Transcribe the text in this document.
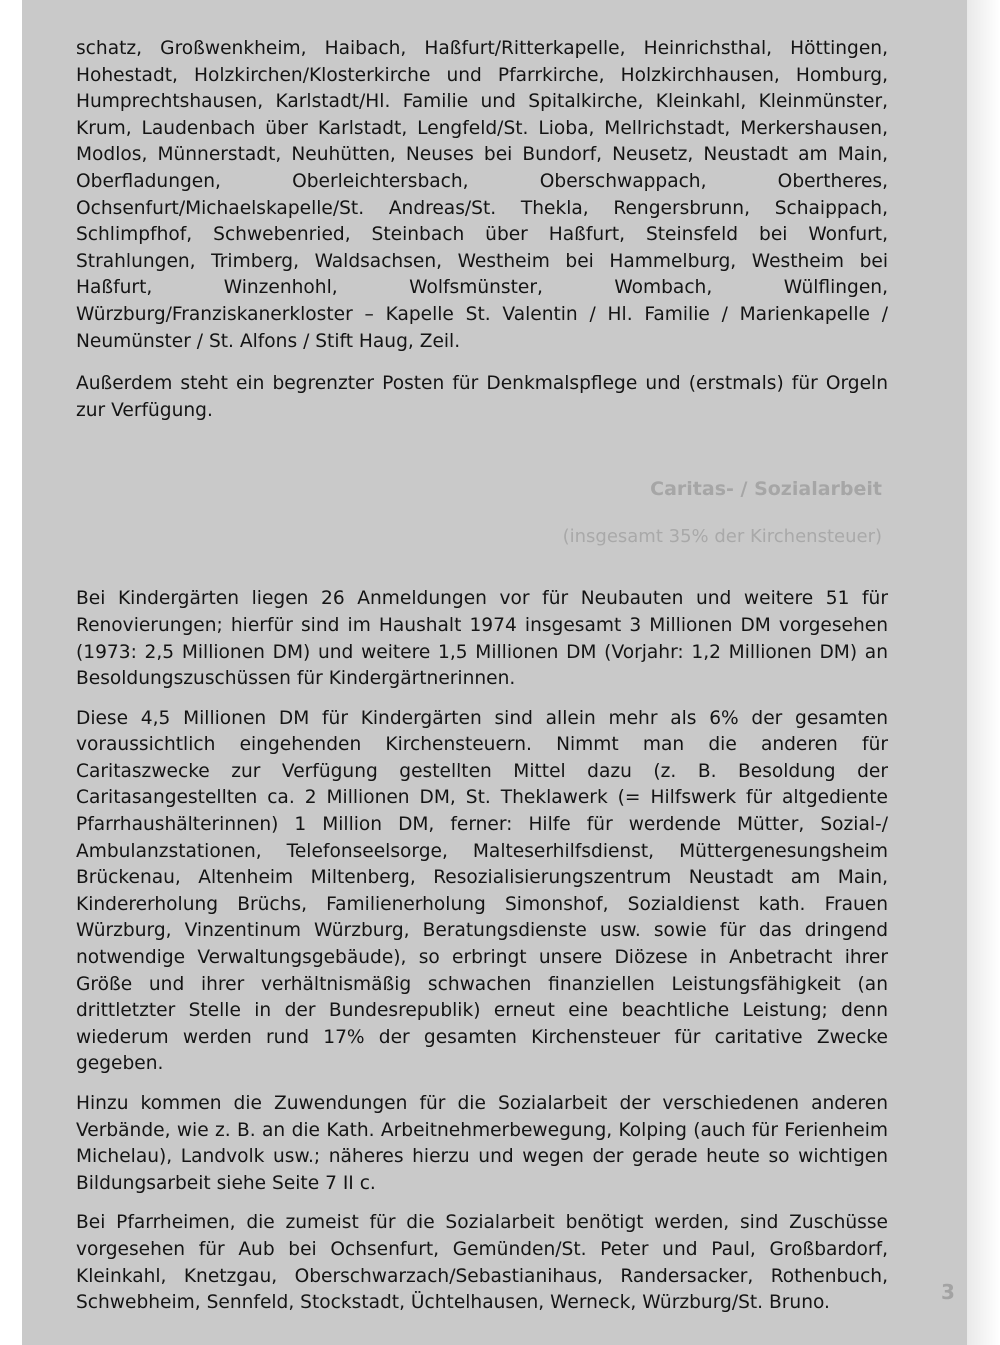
schatz, Großwenkheim, Haibach, Haßfurt/Ritterkapelle, Heinrichsthal, Höttingen, Hohestadt, Holzkirchen/Klosterkirche und Pfarrkirche, Holzkirchhausen, Homburg, Humprechtshausen, Karlstadt/Hl. Familie und Spitalkirche, Kleinkahl, Kleinmünster, Krum, Laudenbach über Karlstadt, Lengfeld/St. Lioba, Mellrichstadt, Merkershausen, Modlos, Münnerstadt, Neuhütten, Neuses bei Bundorf, Neusetz, Neustadt am Main, Oberfladungen, Oberleichtersbach, Oberschwappach, Obertheres, Ochsenfurt/Michaelskapelle/St. Andreas/St. Thekla, Rengersbrunn, Schaippach, Schlimpfhof, Schwebenried, Steinbach über Haßfurt, Steinsfeld bei Wonfurt, Strahlungen, Trimberg, Waldsachsen, Westheim bei Hammelburg, Westheim bei Haßfurt, Winzenhohl, Wolfsmünster, Wombach, Wülflingen, Würzburg/Franziskanerkloster – Kapelle St. Valentin / Hl. Familie / Marienkapelle / Neumünster / St. Alfons / Stift Haug, Zeil.

Außerdem steht ein begrenzter Posten für Denkmalspflege und (erstmals) für Orgeln zur Verfügung.

Caritas- / Sozialarbeit
(insgesamt 35% der Kirchensteuer)

Bei Kindergärten liegen 26 Anmeldungen vor für Neubauten und weitere 51 für Renovierungen; hierfür sind im Haushalt 1974 insgesamt 3 Millionen DM vorgesehen (1973: 2,5 Millionen DM) und weitere 1,5 Millionen DM (Vorjahr: 1,2 Millionen DM) an Besoldungszuschüssen für Kindergärtnerinnen.

Diese 4,5 Millionen DM für Kindergärten sind allein mehr als 6% der gesamten voraussichtlich eingehenden Kirchensteuern. Nimmt man die anderen für Caritaszwecke zur Verfügung gestellten Mittel dazu (z. B. Besoldung der Caritasangestellten ca. 2 Millionen DM, St. Theklawerk (= Hilfswerk für altgediente Pfarrhaushälterinnen) 1 Million DM, ferner: Hilfe für werdende Mütter, Sozial-/ Ambulanzstationen, Telefonseelsorge, Malteserhilfsdienst, Müttergenesungsheim Brückenau, Altenheim Miltenberg, Resozialisierungszentrum Neustadt am Main, Kindererholung Brüchs, Familienerholung Simonshof, Sozialdienst kath. Frauen Würzburg, Vinzentinum Würzburg, Beratungsdienste usw. sowie für das dringend notwendige Verwaltungsgebäude), so erbringt unsere Diözese in Anbetracht ihrer Größe und ihrer verhältnismäßig schwachen finanziellen Leistungsfähigkeit (an drittletzter Stelle in der Bundesrepublik) erneut eine beachtliche Leistung; denn wiederum werden rund 17% der gesamten Kirchensteuer für caritative Zwecke gegeben.

Hinzu kommen die Zuwendungen für die Sozialarbeit der verschiedenen anderen Verbände, wie z. B. an die Kath. Arbeitnehmerbewegung, Kolping (auch für Ferienheim Michelau), Landvolk usw.; näheres hierzu und wegen der gerade heute so wichtigen Bildungsarbeit siehe Seite 7 II c.

Bei Pfarrheimen, die zumeist für die Sozialarbeit benötigt werden, sind Zuschüsse vorgesehen für Aub bei Ochsenfurt, Gemünden/St. Peter und Paul, Großbardorf, Kleinkahl, Knetzgau, Oberschwarzach/Sebastianihaus, Randersacker, Rothenbuch, Schwebheim, Sennfeld, Stockstadt, Üchtelhausen, Werneck, Würzburg/St. Bruno.	3
